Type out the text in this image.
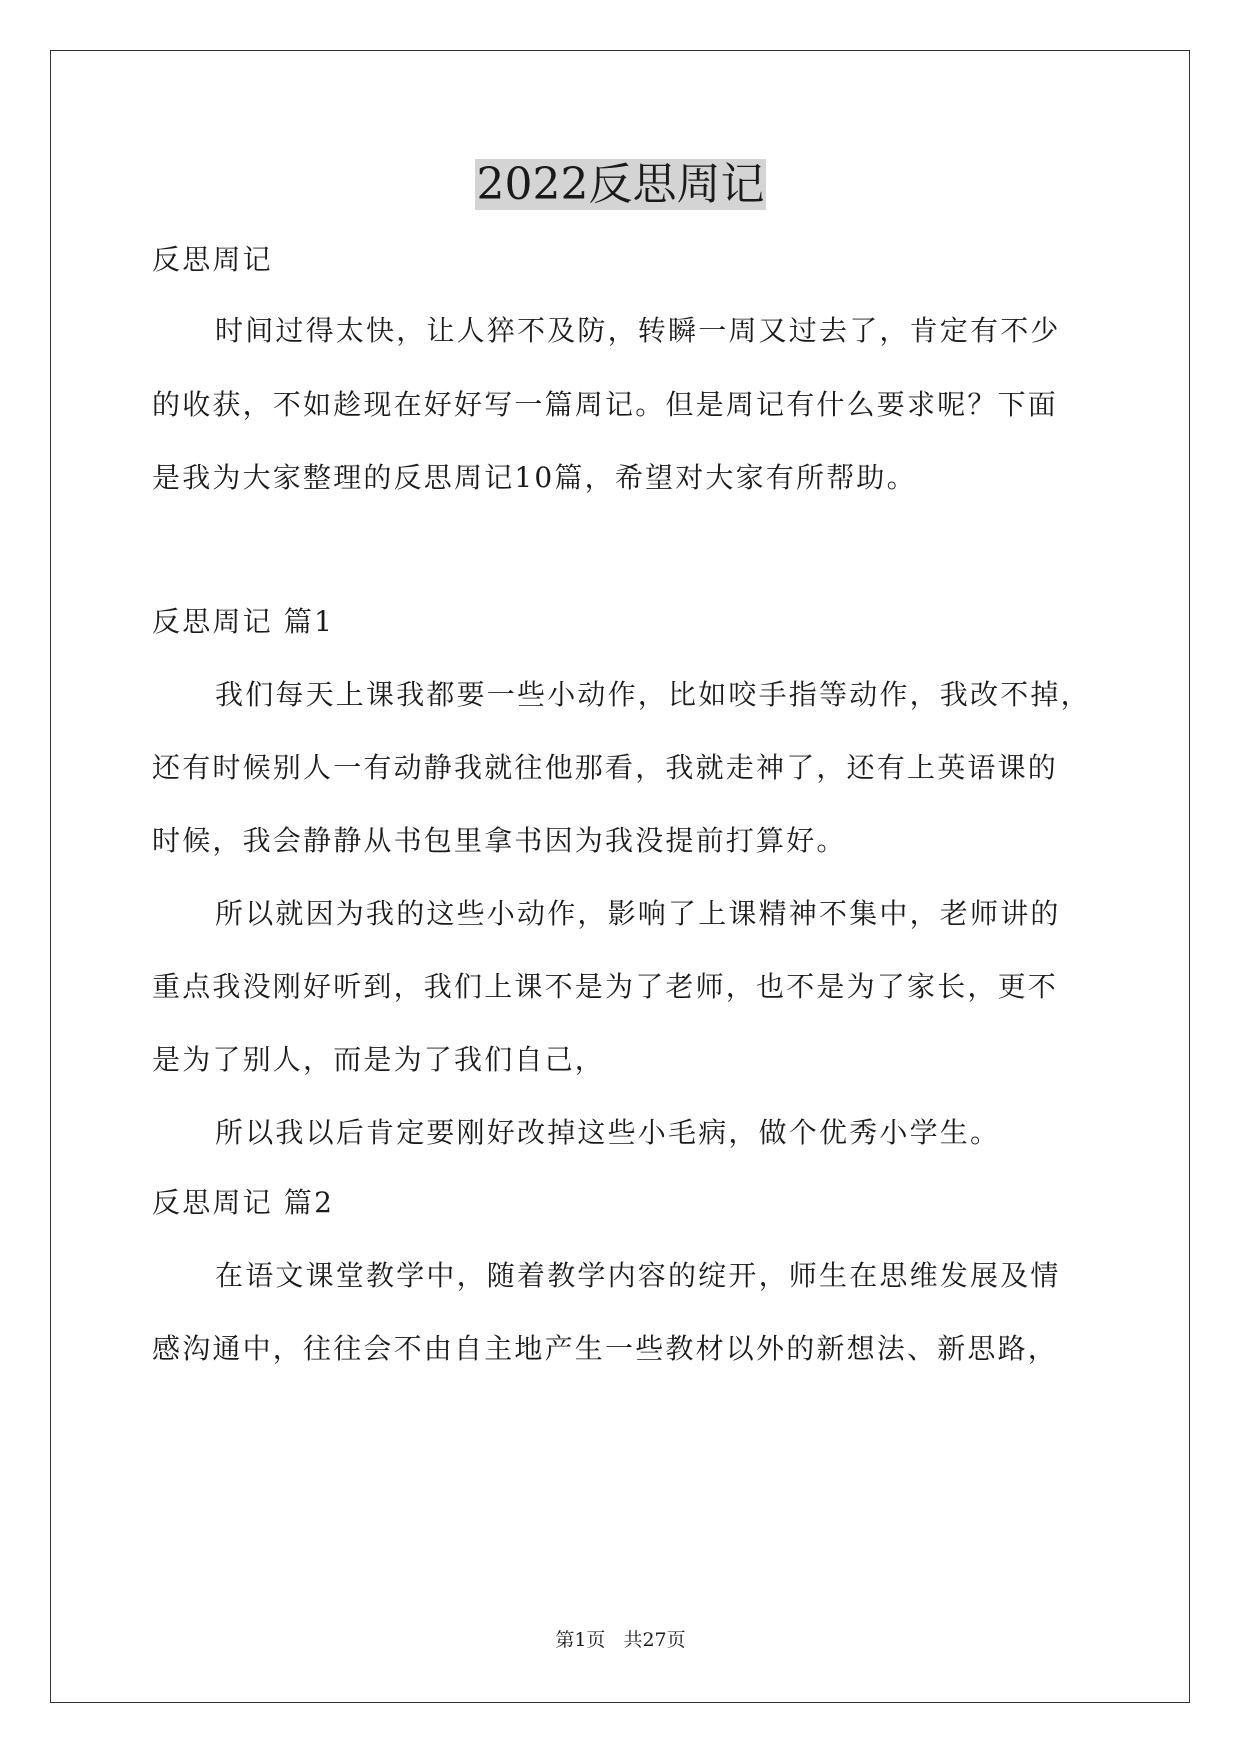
2022反思周记
反思周记
时间过得太快，让人猝不及防，转瞬一周又过去了，肯定有不少
的收获，不如趁现在好好写一篇周记。但是周记有什么要求呢？下面
是我为大家整理的反思周记10篇，希望对大家有所帮助。
反思周记 篇1
我们每天上课我都要一些小动作，比如咬手指等动作，我改不掉，
还有时候别人一有动静我就往他那看，我就走神了，还有上英语课的
时候，我会静静从书包里拿书因为我没提前打算好。
所以就因为我的这些小动作，影响了上课精神不集中，老师讲的
重点我没刚好听到，我们上课不是为了老师，也不是为了家长，更不
是为了别人，而是为了我们自己，
所以我以后肯定要刚好改掉这些小毛病，做个优秀小学生。
反思周记 篇2
在语文课堂教学中，随着教学内容的绽开，师生在思维发展及情
感沟通中，往往会不由自主地产生一些教材以外的新想法、新思路，
第1页 共27页
